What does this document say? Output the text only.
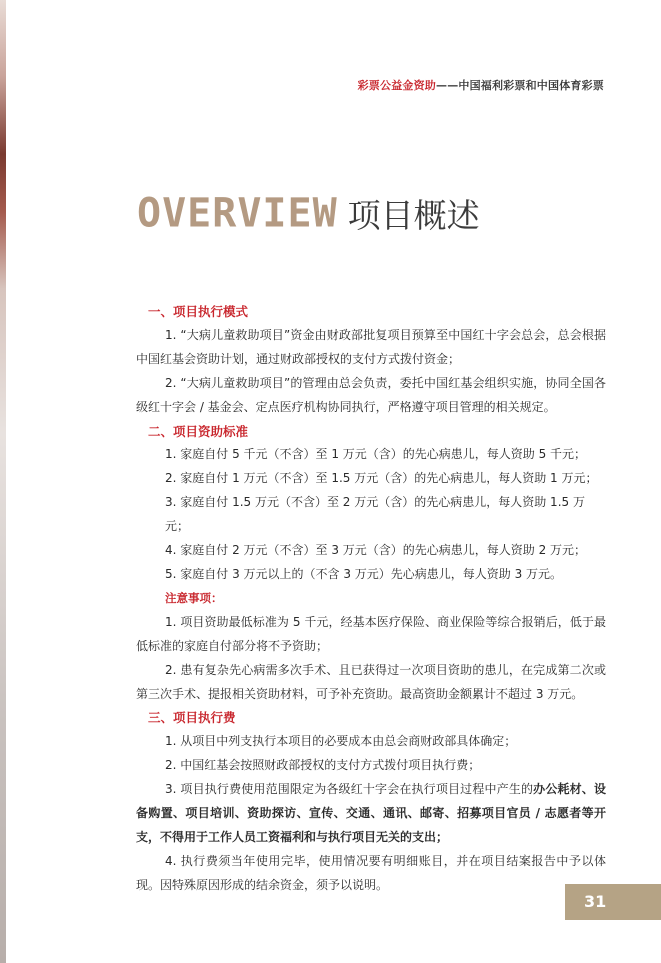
彩票公益金资助——中国福利彩票和中国体育彩票
OVERVIEW 项目概述

一、项目执行模式

1. “大病儿童救助项目”资金由财政部批复项目预算至中国红十字会总会，总会根据中国红基会资助计划，通过财政部授权的支付方式拨付资金；

2. “大病儿童救助项目”的管理由总会负责，委托中国红基会组织实施，协同全国各级红十字会 / 基金会、定点医疗机构协同执行，严格遵守项目管理的相关规定。

二、项目资助标准

1. 家庭自付 5 千元（不含）至 1 万元（含）的先心病患儿，每人资助 5 千元；

2. 家庭自付 1 万元（不含）至 1.5 万元（含）的先心病患儿，每人资助 1 万元；

3. 家庭自付 1.5 万元（不含）至 2 万元（含）的先心病患儿，每人资助 1.5 万元；

4. 家庭自付 2 万元（不含）至 3 万元（含）的先心病患儿，每人资助 2 万元；

5. 家庭自付 3 万元以上的（不含 3 万元）先心病患儿，每人资助 3 万元。

注意事项：

1. 项目资助最低标准为 5 千元，经基本医疗保险、商业保险等综合报销后，低于最低标准的家庭自付部分将不予资助；

2. 患有复杂先心病需多次手术、且已获得过一次项目资助的患儿，在完成第二次或第三次手术、提报相关资助材料，可予补充资助。最高资助金额累计不超过 3 万元。

三、项目执行费

1. 从项目中列支执行本项目的必要成本由总会商财政部具体确定；

2. 中国红基会按照财政部授权的支付方式拨付项目执行费；

3. 项目执行费使用范围限定为各级红十字会在执行项目过程中产生的办公耗材、设备购置、项目培训、资助探访、宣传、交通、通讯、邮寄、招募项目官员 / 志愿者等开支，不得用于工作人员工资福利和与执行项目无关的支出；

4. 执行费须当年使用完毕，使用情况要有明细账目，并在项目结案报告中予以体现。因特殊原因形成的结余资金，须予以说明。

31
